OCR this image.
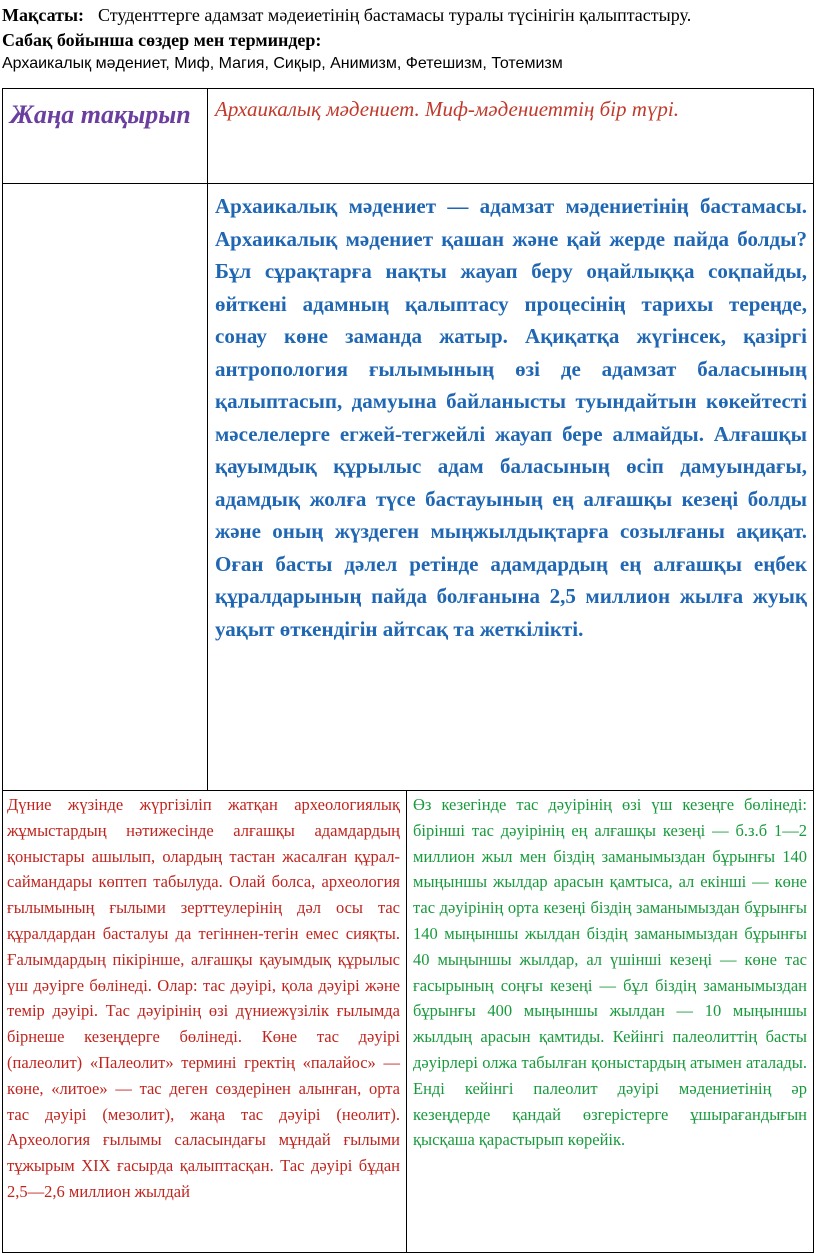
Мақсаты: Студенттерге адамзат мәдеиетінің бастамасы туралы түсінігін қалыптастыру.
Сабақ бойынша сөздер мен терминдер:
Архаикалық мәдениет, Миф, Магия, Сиқыр, Анимизм, Фетешизм, Тотемизм
Жаңа тақырып	Архаикалық мәдениет. Миф-мәдениеттің бір түрі.
Архаикалық мәдениет — адамзат мәдениетінің бастамасы. Архаикалық мәдениет қашан және қай жерде пайда болды? Бұл сұрақтарға нақты жауап беру оңайлыққа соқпайды, өйткені адамның қалыптасу процесінің тарихы тереңде, сонау көне заманда жатыр. Ақиқатқа жүгінсек, қазіргі антропология ғылымының өзі де адамзат баласының қалыптасып, дамуына байланысты туындайтын көкейтесті мәселелерге егжей-тегжейлі жауап бере алмайды. Алғашқы қауымдық құрылыс адам баласының өсіп дамуындағы, адамдық жолға түсе бастауының ең алғашқы кезеңі болды және оның жүздеген мыңжылдықтарға созылғаны ақиқат. Оған басты дәлел ретінде адамдардың ең алғашқы еңбек құралдарының пайда болғанына 2,5 миллион жылға жуық уақыт өткендігін айтсақ та жеткілікті.
Дүние жүзінде жүргізіліп жатқан археологиялық жұмыстардың нәтижесінде алғашқы адамдардың қоныстары ашылып, олардың тастан жасалған құрал-саймандары көптеп табылуда. Олай болса, археология ғылымының ғылыми зерттеулерінің дәл осы тас құралдардан басталуы да тегіннен-тегін емес сияқты. Ғалымдардың пікірінше, алғашқы қауымдық құрылыс үш дәуірге бөлінеді. Олар: тас дәуірі, қола дәуірі және темір дәуірі. Тас дәуірінің өзі дүниежүзілік ғылымда бірнеше кезеңдерге бөлінеді. Көне тас дәуірі (палеолит) «Палеолит» термині гректің «палайос» — көне, «литое» — тас деген сөздерінен алынған, орта тас дәуірі (мезолит), жаңа тас дәуірі (неолит). Археология ғылымы саласындағы мұндай ғылыми тұжырым XIX ғасырда қалыптасқан. Тас дәуірі бұдан 2,5—2,6 миллион жылдай
Өз кезегінде тас дәуірінің өзі үш кезеңге бөлінеді: бірінші тас дәуірінің ең алғашқы кезеңі — б.з.б 1—2 миллион жыл мен біздің заманымыздан бұрынғы 140 мыңыншы жылдар арасын қамтыса, ал екінші — көне тас дәуірінің орта кезеңі біздің заманымыздан бұрынғы 140 мыңыншы жылдан біздің заманымыздан бұрынғы 40 мыңыншы жылдар, ал үшінші кезеңі — көне тас ғасырының соңғы кезеңі — бұл біздің заманымыздан бұрынғы 400 мыңыншы жылдан — 10 мыңыншы жылдың арасын қамтиды. Кейінгі палеолиттің басты дәуірлері олжа табылған қоныстардың атымен аталады. Енді кейінгі палеолит дәуірі мәдениетінің әр кезеңдерде қандай өзгерістерге ұшырағандығын қысқаша қарастырып көрейік.
